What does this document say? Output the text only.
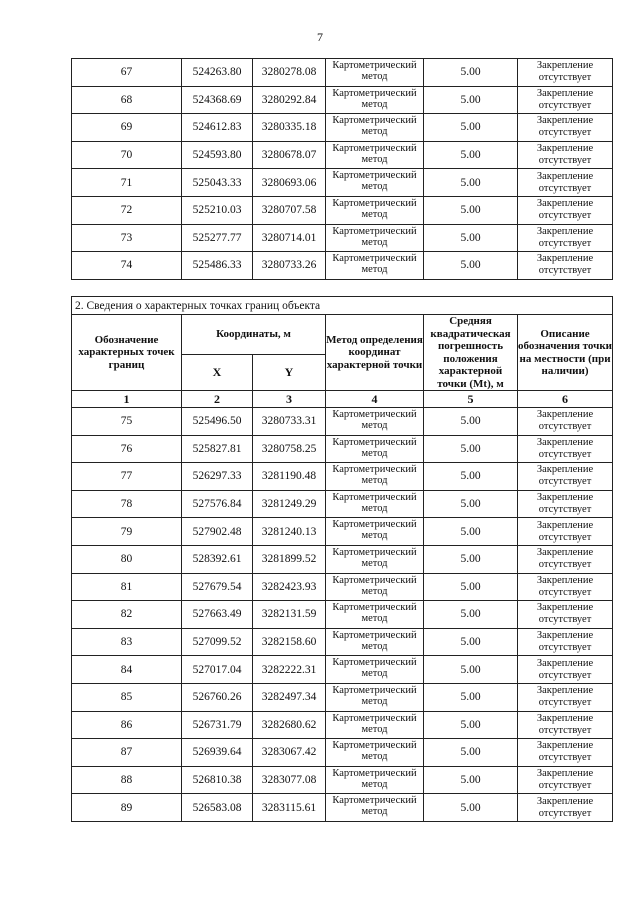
7
67	524263.80	3280278.08	Картометрический метод	5.00	Закрепление отсутствует
68	524368.69	3280292.84	Картометрический метод	5.00	Закрепление отсутствует
69	524612.83	3280335.18	Картометрический метод	5.00	Закрепление отсутствует
70	524593.80	3280678.07	Картометрический метод	5.00	Закрепление отсутствует
71	525043.33	3280693.06	Картометрический метод	5.00	Закрепление отсутствует
72	525210.03	3280707.58	Картометрический метод	5.00	Закрепление отсутствует
73	525277.77	3280714.01	Картометрический метод	5.00	Закрепление отсутствует
74	525486.33	3280733.26	Картометрический метод	5.00	Закрепление отсутствует
2. Сведения о характерных точках границ объекта					
Обозначение характерных точек границ	Координаты, м		Метод определения координат характерной точки	Средняя квадратическая погрешность положения характерной точки (Mt), м	Описание обозначения точки на местности (при наличии)
	X	Y			
1	2	3	4	5	6
75	525496.50	3280733.31	Картометрический метод	5.00	Закрепление отсутствует
76	525827.81	3280758.25	Картометрический метод	5.00	Закрепление отсутствует
77	526297.33	3281190.48	Картометрический метод	5.00	Закрепление отсутствует
78	527576.84	3281249.29	Картометрический метод	5.00	Закрепление отсутствует
79	527902.48	3281240.13	Картометрический метод	5.00	Закрепление отсутствует
80	528392.61	3281899.52	Картометрический метод	5.00	Закрепление отсутствует
81	527679.54	3282423.93	Картометрический метод	5.00	Закрепление отсутствует
82	527663.49	3282131.59	Картометрический метод	5.00	Закрепление отсутствует
83	527099.52	3282158.60	Картометрический метод	5.00	Закрепление отсутствует
84	527017.04	3282222.31	Картометрический метод	5.00	Закрепление отсутствует
85	526760.26	3282497.34	Картометрический метод	5.00	Закрепление отсутствует
86	526731.79	3282680.62	Картометрический метод	5.00	Закрепление отсутствует
87	526939.64	3283067.42	Картометрический метод	5.00	Закрепление отсутствует
88	526810.38	3283077.08	Картометрический метод	5.00	Закрепление отсутствует
89	526583.08	3283115.61	Картометрический метод	5.00	Закрепление отсутствует
